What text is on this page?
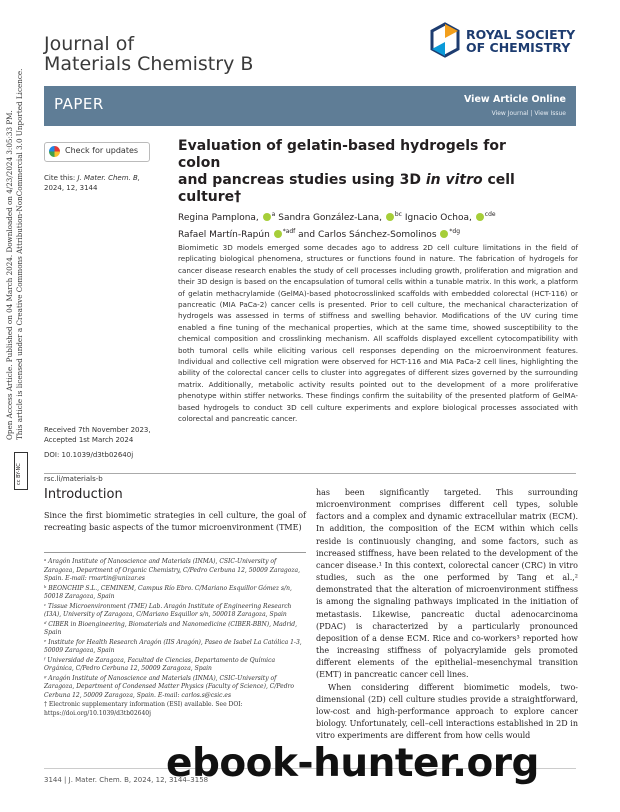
Open Access Article. Published on 04 March 2024. Downloaded on 4/23/2024 3:05:33 PM. This article is licensed under a Creative Commons Attribution-NonCommercial 3.0 Unported Licence.
cc BY-NC
Journal of
Materials Chemistry B
ROYAL SOCIETY
OF CHEMISTRY
PAPER	View Article Online
View Journal | View Issue
Check for updates
Cite this: J. Mater. Chem. B,
2024, 12, 3144
Evaluation of gelatin-based hydrogels for colon
and pancreas studies using 3D in vitro cell
culture†
Regina Pamplona, $^a$ Sandra González-Lana, $^{bc}$ Ignacio Ochoa, $^{cde}$
Rafael Martín-Rapún $^{*adf}$ and Carlos Sánchez-Somolinos $^{*dg}$
Biomimetic 3D models emerged some decades ago to address 2D cell culture limitations in the field of replicating biological phenomena, structures or functions found in nature. The fabrication of hydrogels for cancer disease research enables the study of cell processes including growth, proliferation and migration and their 3D design is based on the encapsulation of tumoral cells within a tunable matrix. In this work, a platform of gelatin methacrylamide (GelMA)-based photocrosslinked scaffolds with embedded colorectal (HCT-116) or pancreatic (MIA PaCa-2) cancer cells is presented. Prior to cell culture, the mechanical characterization of hydrogels was assessed in terms of stiffness and swelling behavior. Modifications of the UV curing time enabled a fine tuning of the mechanical properties, which at the same time, showed susceptibility to the chemical composition and crosslinking mechanism. All scaffolds displayed excellent cytocompatibility with both tumoral cells while eliciting various cell responses depending on the microenvironment features. Individual and collective cell migration were observed for HCT-116 and MIA PaCa-2 cell lines, highlighting the ability of the colorectal cancer cells to cluster into aggregates of different sizes governed by the surrounding matrix. Additionally, metabolic activity results pointed out to the development of a more proliferative phenotype within stiffer networks. These findings confirm the suitability of the presented platform of GelMA-based hydrogels to conduct 3D cell culture experiments and explore biological processes associated with colorectal and pancreatic cancer.
Received 7th November 2023,
Accepted 1st March 2024
DOI: 10.1039/d3tb02640j
rsc.li/materials-b
Introduction
Since the first biomimetic strategies in cell culture, the goal of recreating basic aspects of the tumor microenvironment (TME)

ᵃ Aragón Institute of Nanoscience and Materials (INMA), CSIC-University of Zaragoza, Department of Organic Chemistry, C/Pedro Cerbuna 12, 50009 Zaragoza, Spain. E-mail: rmartin@unizar.es

ᵇ BEONCHIP S.L., CEMINEM, Campus Río Ebro. C/Mariano Esquillor Gómez s/n, 50018 Zaragoza, Spain

ᶜ Tissue Microenvironment (TME) Lab. Aragón Institute of Engineering Research (I3A), University of Zaragoza, C/Mariano Esquillor s/n, 500018 Zaragoza, Spain

ᵈ CIBER in Bioengineering, Biomaterials and Nanomedicine (CIBER-BBN), Madrid, Spain

ᵉ Institute for Health Research Aragón (IIS Aragón), Paseo de Isabel La Católica 1-3, 50009 Zaragoza, Spain

ᶠ Universidad de Zaragoza, Facultad de Ciencias, Departamento de Química Orgánica, C/Pedro Cerbuna 12, 50009 Zaragoza, Spain

ᵍ Aragón Institute of Nanoscience and Materials (INMA), CSIC-University of Zaragoza, Department of Condensed Matter Physics (Faculty of Science), C/Pedro Cerbuna 12, 50009 Zaragoza, Spain. E-mail: carlos.s@csic.es

† Electronic supplementary information (ESI) available. See DOI: https://doi.org/10.1039/d3tb02640j

has been significantly targeted. This surrounding microenvironment comprises different cell types, soluble factors and a complex and dynamic extracellular matrix (ECM). In addition, the composition of the ECM within which cells reside is continuously changing, and some factors, such as increased stiffness, have been related to the development of the cancer disease.¹ In this context, colorectal cancer (CRC) in vitro studies, such as the one performed by Tang et al.,² demonstrated that the alteration of microenvironment stiffness is among the signaling pathways implicated in the initiation of metastasis. Likewise, pancreatic ductal adenocarcinoma (PDAC) is characterized by a particularly pronounced deposition of a dense ECM. Rice and co-workers³ reported how the increasing stiffness of polyacrylamide gels promoted different elements of the epithelial–mesenchymal transition (EMT) in pancreatic cancer cell lines.

When considering different biomimetic models, two-dimensional (2D) cell culture studies provide a straightforward, low-cost and high-performance approach to explore cancer biology. Unfortunately, cell–cell interactions established in 2D in vitro experiments are different from how cells would

3144 | J. Mater. Chem. B, 2024, 12, 3144–3158
ebook-hunter.org
